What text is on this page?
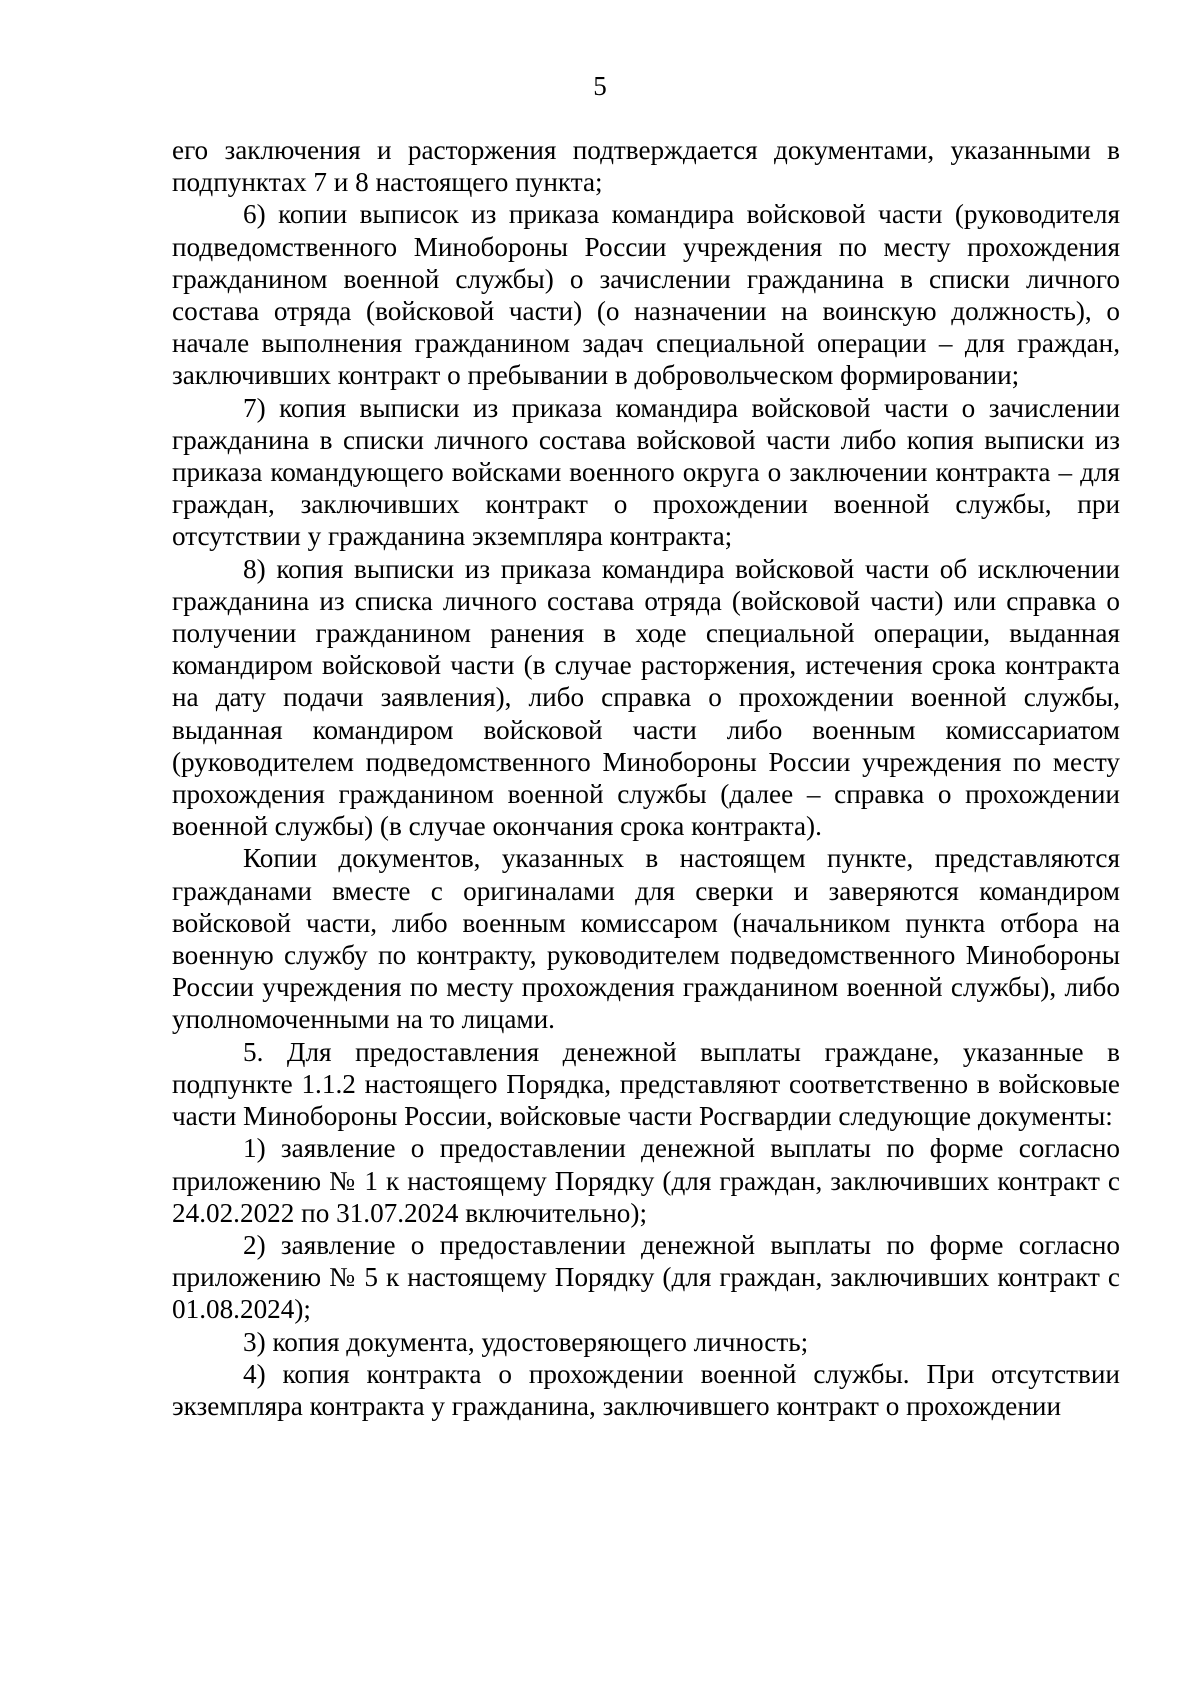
5

его заключения и расторжения подтверждается документами, указанными в подпунктах 7 и 8 настоящего пункта;

6) копии выписок из приказа командира войсковой части (руководителя подведомственного Минобороны России учреждения по месту прохождения гражданином военной службы) о зачислении гражданина в списки личного состава отряда (войсковой части) (о назначении на воинскую должность), о начале выполнения гражданином задач специальной операции – для граждан, заключивших контракт о пребывании в добровольческом формировании;

7) копия выписки из приказа командира войсковой части о зачислении гражданина в списки личного состава войсковой части либо копия выписки из приказа командующего войсками военного округа о заключении контракта – для граждан, заключивших контракт о прохождении военной службы, при отсутствии у гражданина экземпляра контракта;

8) копия выписки из приказа командира войсковой части об исключении гражданина из списка личного состава отряда (войсковой части) или справка о получении гражданином ранения в ходе специальной операции, выданная командиром войсковой части (в случае расторжения, истечения срока контракта на дату подачи заявления), либо справка о прохождении военной службы, выданная командиром войсковой части либо военным комиссариатом (руководителем подведомственного Минобороны России учреждения по месту прохождения гражданином военной службы (далее – справка о прохождении военной службы) (в случае окончания срока контракта).

Копии документов, указанных в настоящем пункте, представляются гражданами вместе с оригиналами для сверки и заверяются командиром войсковой части, либо военным комиссаром (начальником пункта отбора на военную службу по контракту, руководителем подведомственного Минобороны России учреждения по месту прохождения гражданином военной службы), либо уполномоченными на то лицами.

5. Для предоставления денежной выплаты граждане, указанные в подпункте 1.1.2 настоящего Порядка, представляют соответственно в войсковые части Минобороны России, войсковые части Росгвардии следующие документы:

1) заявление о предоставлении денежной выплаты по форме согласно приложению № 1 к настоящему Порядку (для граждан, заключивших контракт с 24.02.2022 по 31.07.2024 включительно);

2) заявление о предоставлении денежной выплаты по форме согласно приложению № 5 к настоящему Порядку (для граждан, заключивших контракт с 01.08.2024);

3) копия документа, удостоверяющего личность;

4) копия контракта о прохождении военной службы. При отсутствии экземпляра контракта у гражданина, заключившего контракт о прохождении
